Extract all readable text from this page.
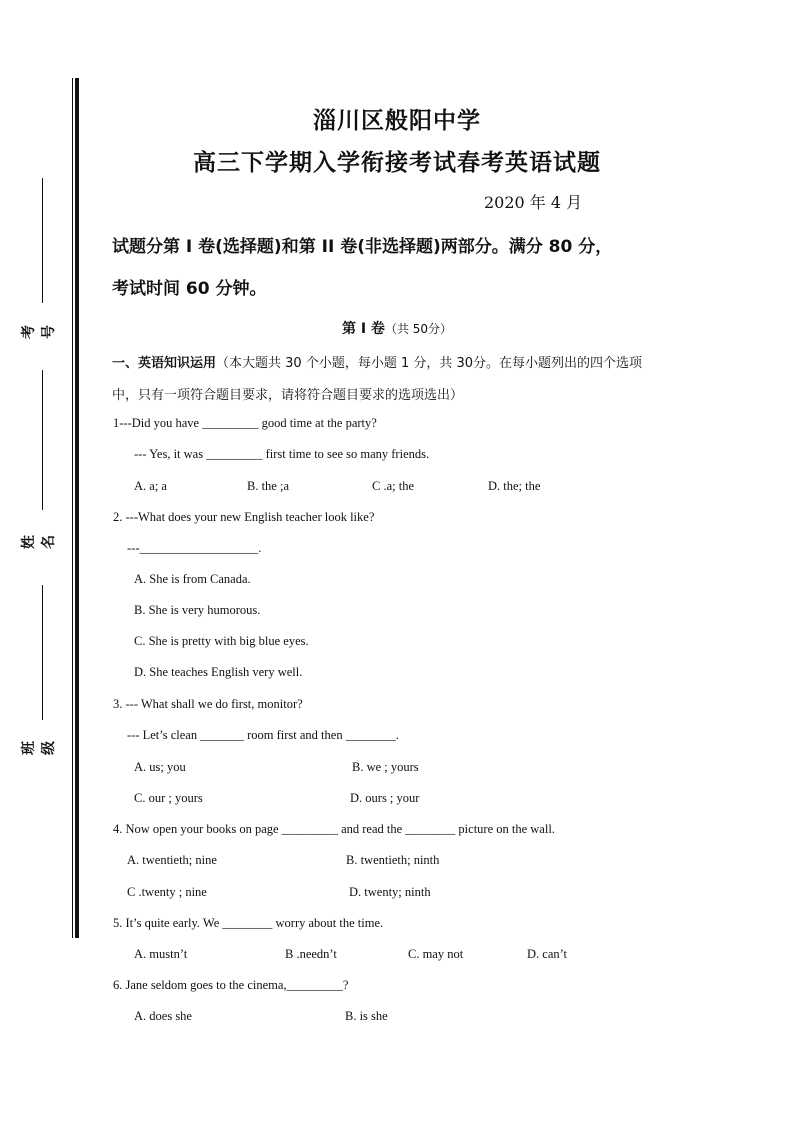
考号
姓名
班级
淄川区般阳中学
高三下学期入学衔接考试春考英语试题
2020 年 4 月
试题分第 I 卷(选择题)和第 II 卷(非选择题)两部分。满分 80 分，
考试时间 60 分钟。
第 I 卷（共 50分）
一、英语知识运用（本大题共 30 个小题，每小题 1 分，共 30分。在每小题列出的四个选项
中，只有一项符合题目要求，请将符合题目要求的选项选出）
1---Did you have _________ good time at the party?
--- Yes, it was _________ first time to see so many friends.
A. a; a	B. the ;a	C .a; the	D. the; the
2. ---What does your new English teacher look like?
---___________________.
A. She is from Canada.
B. She is very humorous.
C. She is pretty with big blue eyes.
D. She teaches English very well.
3. --- What shall we do first, monitor?
--- Let’s clean _______ room first and then ________.
A. us; you	B. we ; yours
C. our ; yours	D. ours ; your
4. Now open your books on page _________ and read the ________ picture on the wall.
A. twentieth; nine	B. twentieth; ninth
C .twenty ; nine	D. twenty; ninth
5. It’s quite early. We ________ worry about the time.
A. mustn’t	B .needn’t	C. may not	D. can’t
6. Jane seldom goes to the cinema,_________?
A. does she	B. is she
